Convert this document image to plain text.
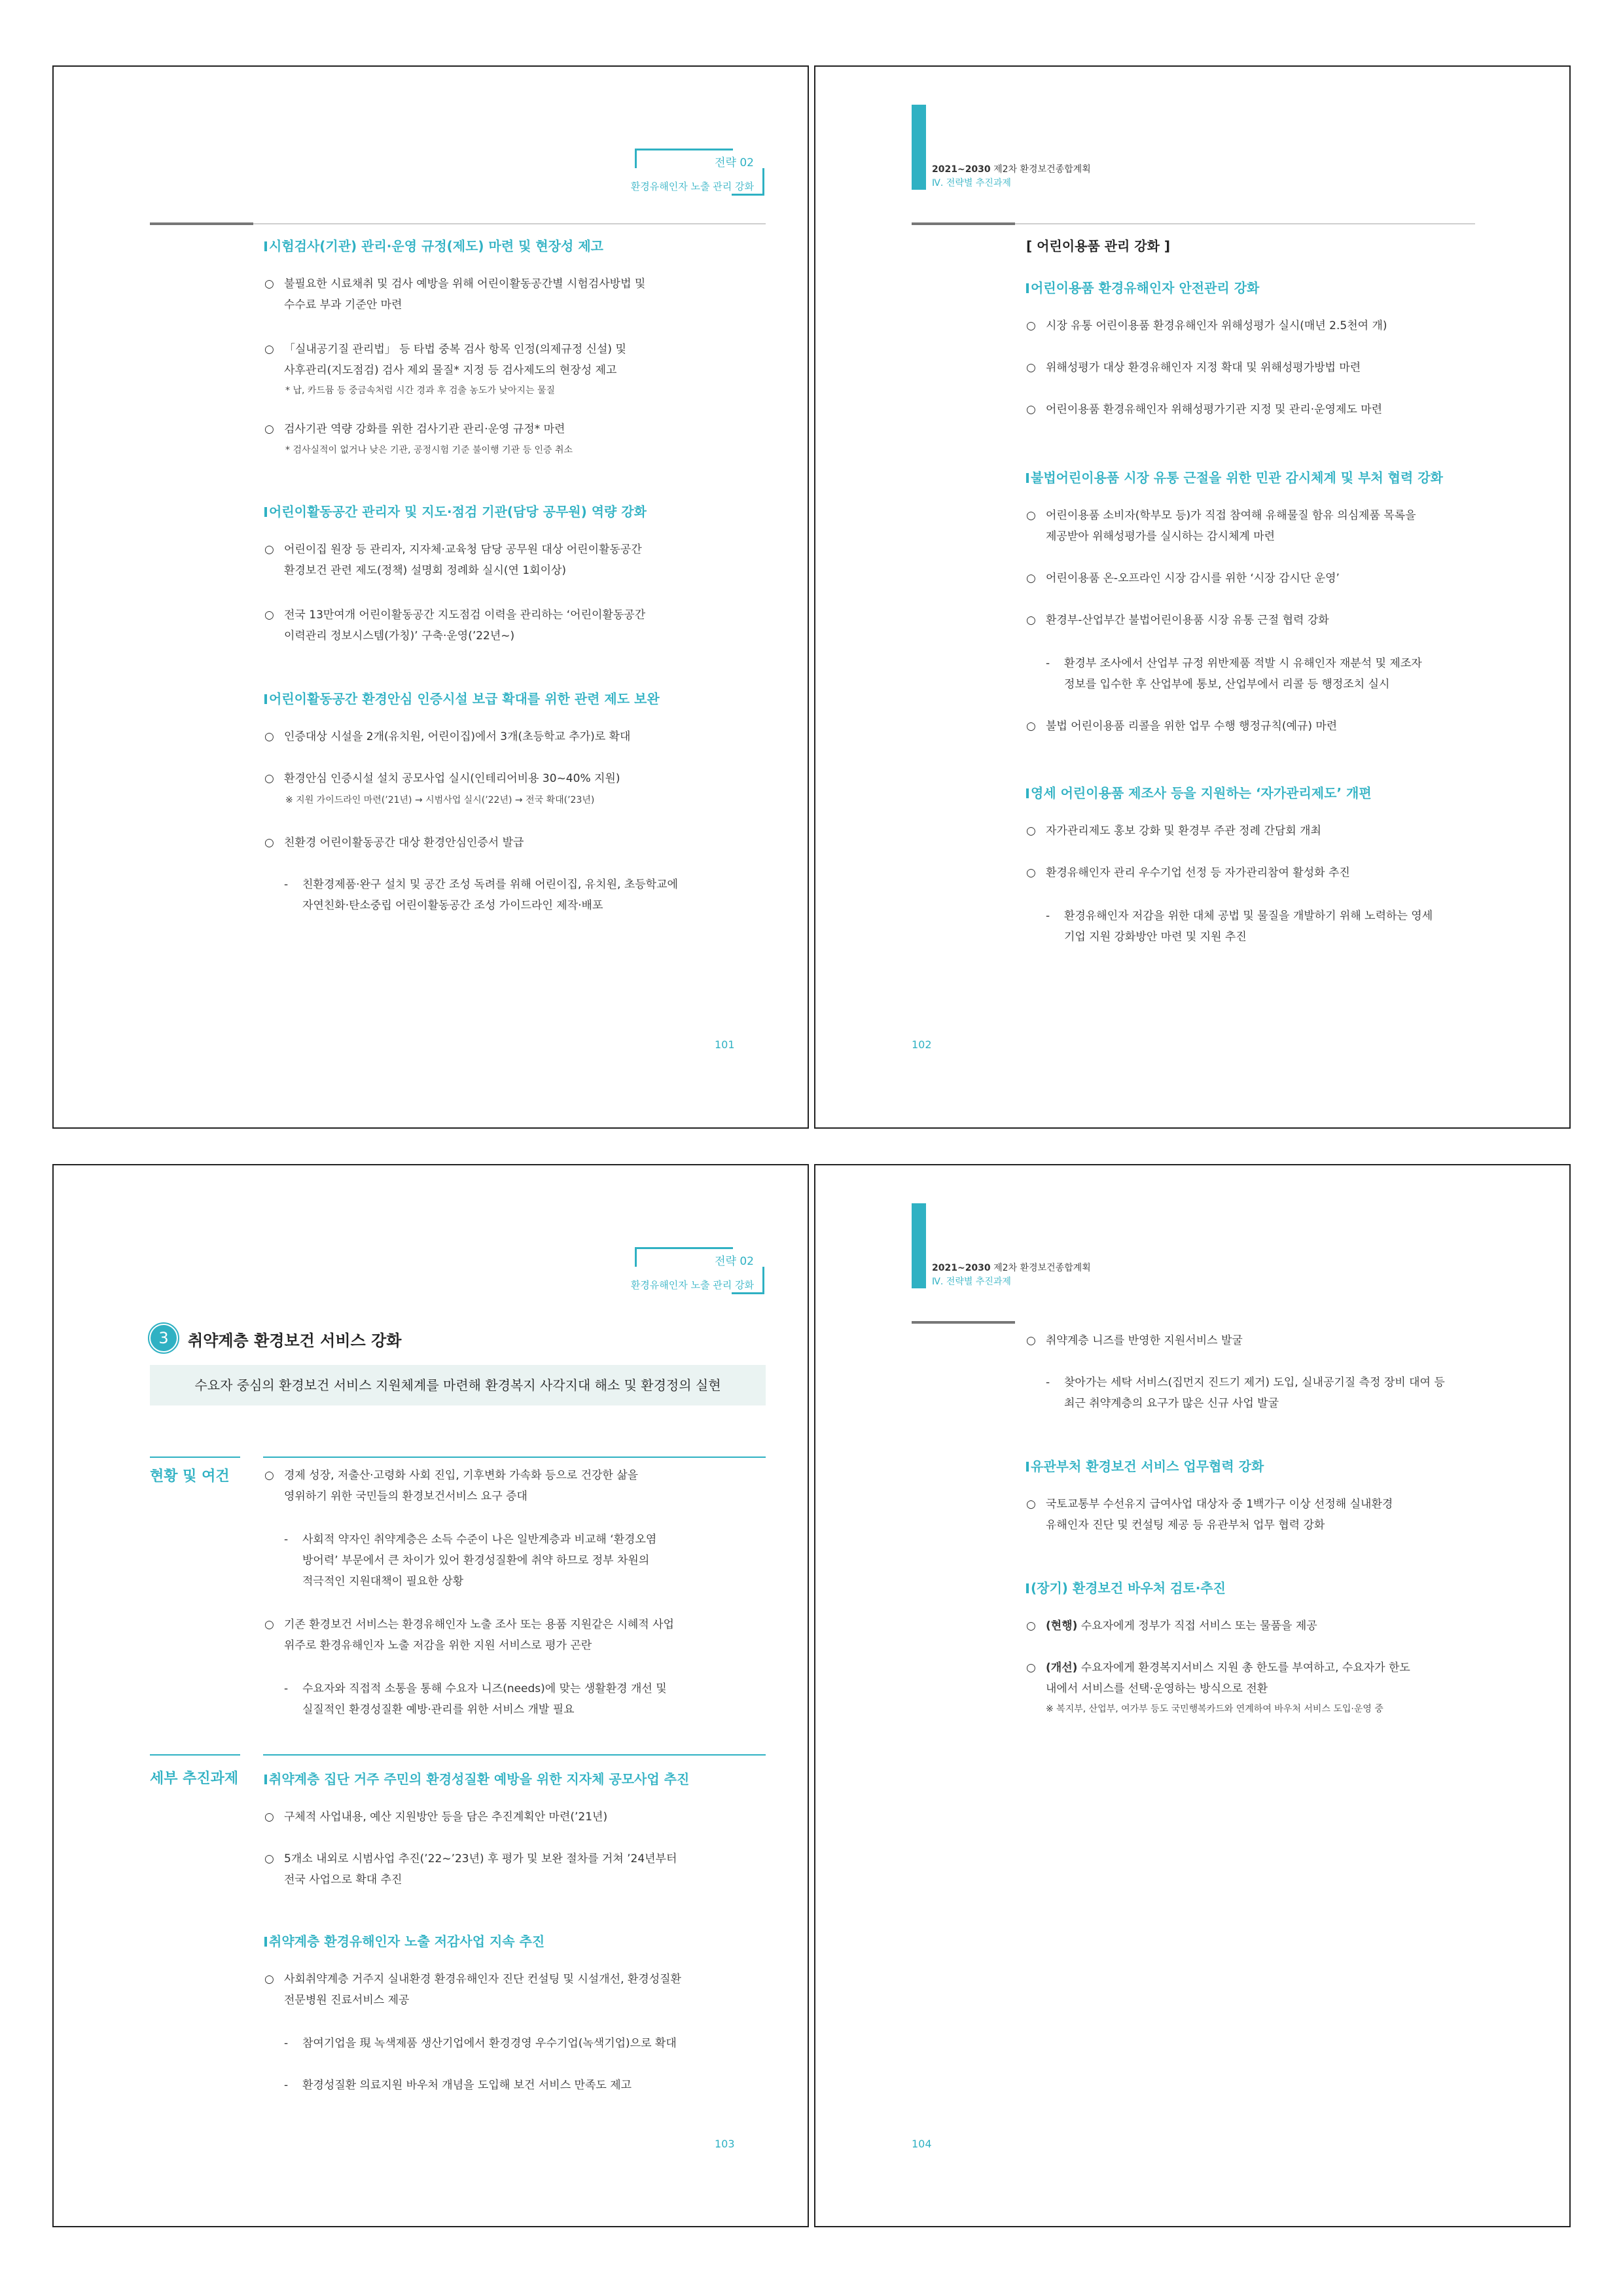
전략 02
환경유해인자 노출 관리 강화
시험검사(기관) 관리·운영 규정(제도) 마련 및 현장성 제고
○ 불필요한 시료채취 및 검사 예방을 위해 어린이활동공간별 시험검사방법 및
수수료 부과 기준안 마련
○ 「실내공기질 관리법」 등 타법 중복 검사 항목 인정(의제규정 신설) 및
사후관리(지도점검) 검사 제외 물질* 지정 등 검사제도의 현장성 제고
* 납, 카드뮴 등 중금속처럼 시간 경과 후 검출 농도가 낮아지는 물질
○ 검사기관 역량 강화를 위한 검사기관 관리·운영 규정* 마련
* 검사실적이 없거나 낮은 기관, 공정시험 기준 불이행 기관 등 인증 취소
어린이활동공간 관리자 및 지도·점검 기관(담당 공무원) 역량 강화
○ 어린이집 원장 등 관리자, 지자체·교육청 담당 공무원 대상 어린이활동공간
환경보건 관련 제도(정책) 설명회 정례화 실시(연 1회이상)
○ 전국 13만여개 어린이활동공간 지도점검 이력을 관리하는 ‘어린이활동공간
이력관리 정보시스템(가칭)’ 구축·운영(’22년~)
어린이활동공간 환경안심 인증시설 보급 확대를 위한 관련 제도 보완
○ 인증대상 시설을 2개(유치원, 어린이집)에서 3개(초등학교 추가)로 확대
○ 환경안심 인증시설 설치 공모사업 실시(인테리어비용 30~40% 지원)
※ 지원 가이드라인 마련(’21년) → 시범사업 실시(’22년) → 전국 확대(’23년)
○ 친환경 어린이활동공간 대상 환경안심인증서 발급
-	친환경제품·완구 설치 및 공간 조성 독려를 위해 어린이집, 유치원, 초등학교에
자연친화·탄소중립 어린이활동공간 조성 가이드라인 제작·배포
101
2021~2030 제2차 환경보건종합계획
Ⅳ. 전략별 추진과제
[ 어린이용품 관리 강화 ]
어린이용품 환경유해인자 안전관리 강화
○ 시장 유통 어린이용품 환경유해인자 위해성평가 실시(매년 2.5천여 개)
○ 위해성평가 대상 환경유해인자 지정 확대 및 위해성평가방법 마련
○ 어린이용품 환경유해인자 위해성평가기관 지정 및 관리·운영제도 마련
불법어린이용품 시장 유통 근절을 위한 민관 감시체계 및 부처 협력 강화
○ 어린이용품 소비자(학부모 등)가 직접 참여해 유해물질 함유 의심제품 목록을
제공받아 위해성평가를 실시하는 감시체계 마련
○ 어린이용품 온-오프라인 시장 감시를 위한 ‘시장 감시단 운영’
○ 환경부-산업부간 불법어린이용품 시장 유통 근절 협력 강화
-	환경부 조사에서 산업부 규정 위반제품 적발 시 유해인자 재분석 및 제조자
정보를 입수한 후 산업부에 통보, 산업부에서 리콜 등 행정조치 실시
○ 불법 어린이용품 리콜을 위한 업무 수행 행정규칙(예규) 마련
영세 어린이용품 제조사 등을 지원하는 ‘자가관리제도’ 개편
○ 자가관리제도 홍보 강화 및 환경부 주관 정례 간담회 개최
○ 환경유해인자 관리 우수기업 선정 등 자가관리참여 활성화 추진
-	환경유해인자 저감을 위한 대체 공법 및 물질을 개발하기 위해 노력하는 영세
기업 지원 강화방안 마련 및 지원 추진
102
전략 02
환경유해인자 노출 관리 강화
3	취약계층 환경보건 서비스 강화
수요자 중심의 환경보건 서비스 지원체계를 마련해 환경복지 사각지대 해소 및 환경정의 실현
현황 및 여건	○ 경제 성장, 저출산·고령화 사회 진입, 기후변화 가속화 등으로 건강한 삶을
영위하기 위한 국민들의 환경보건서비스 요구 증대
-	사회적 약자인 취약계층은 소득 수준이 나은 일반계층과 비교해 ‘환경오염
방어력’ 부문에서 큰 차이가 있어 환경성질환에 취약 하므로 정부 차원의
적극적인 지원대책이 필요한 상황
○ 기존 환경보건 서비스는 환경유해인자 노출 조사 또는 용품 지원같은 시혜적 사업
위주로 환경유해인자 노출 저감을 위한 지원 서비스로 평가 곤란
-	수요자와 직접적 소통을 통해 수요자 니즈(needs)에 맞는 생활환경 개선 및
실질적인 환경성질환 예방·관리를 위한 서비스 개발 필요
세부 추진과제	취약계층 집단 거주 주민의 환경성질환 예방을 위한 지자체 공모사업 추진
○ 구체적 사업내용, 예산 지원방안 등을 담은 추진계획안 마련(’21년)
○ 5개소 내외로 시범사업 추진(’22~’23년) 후 평가 및 보완 절차를 거쳐 ’24년부터
전국 사업으로 확대 추진
취약계층 환경유해인자 노출 저감사업 지속 추진
○ 사회취약계층 거주지 실내환경 환경유해인자 진단 컨설팅 및 시설개선, 환경성질환
전문병원 진료서비스 제공
-	참여기업을 現 녹색제품 생산기업에서 환경경영 우수기업(녹색기업)으로 확대
-	환경성질환 의료지원 바우처 개념을 도입해 보건 서비스 만족도 제고
103
2021~2030 제2차 환경보건종합계획
Ⅳ. 전략별 추진과제
○ 취약계층 니즈를 반영한 지원서비스 발굴
-	찾아가는 세탁 서비스(집먼지 진드기 제거) 도입, 실내공기질 측정 장비 대여 등
최근 취약계층의 요구가 많은 신규 사업 발굴
유관부처 환경보건 서비스 업무협력 강화
○ 국토교통부 수선유지 급여사업 대상자 중 1백가구 이상 선정해 실내환경
유해인자 진단 및 컨설팅 제공 등 유관부처 업무 협력 강화
(장기) 환경보건 바우처 검토·추진
○ (현행) 수요자에게 정부가 직접 서비스 또는 물품을 제공
○ (개선) 수요자에게 환경복지서비스 지원 총 한도를 부여하고, 수요자가 한도
내에서 서비스를 선택·운영하는 방식으로 전환
※ 복지부, 산업부, 여가부 등도 국민행복카드와 연계하여 바우처 서비스 도입·운영 중
104
